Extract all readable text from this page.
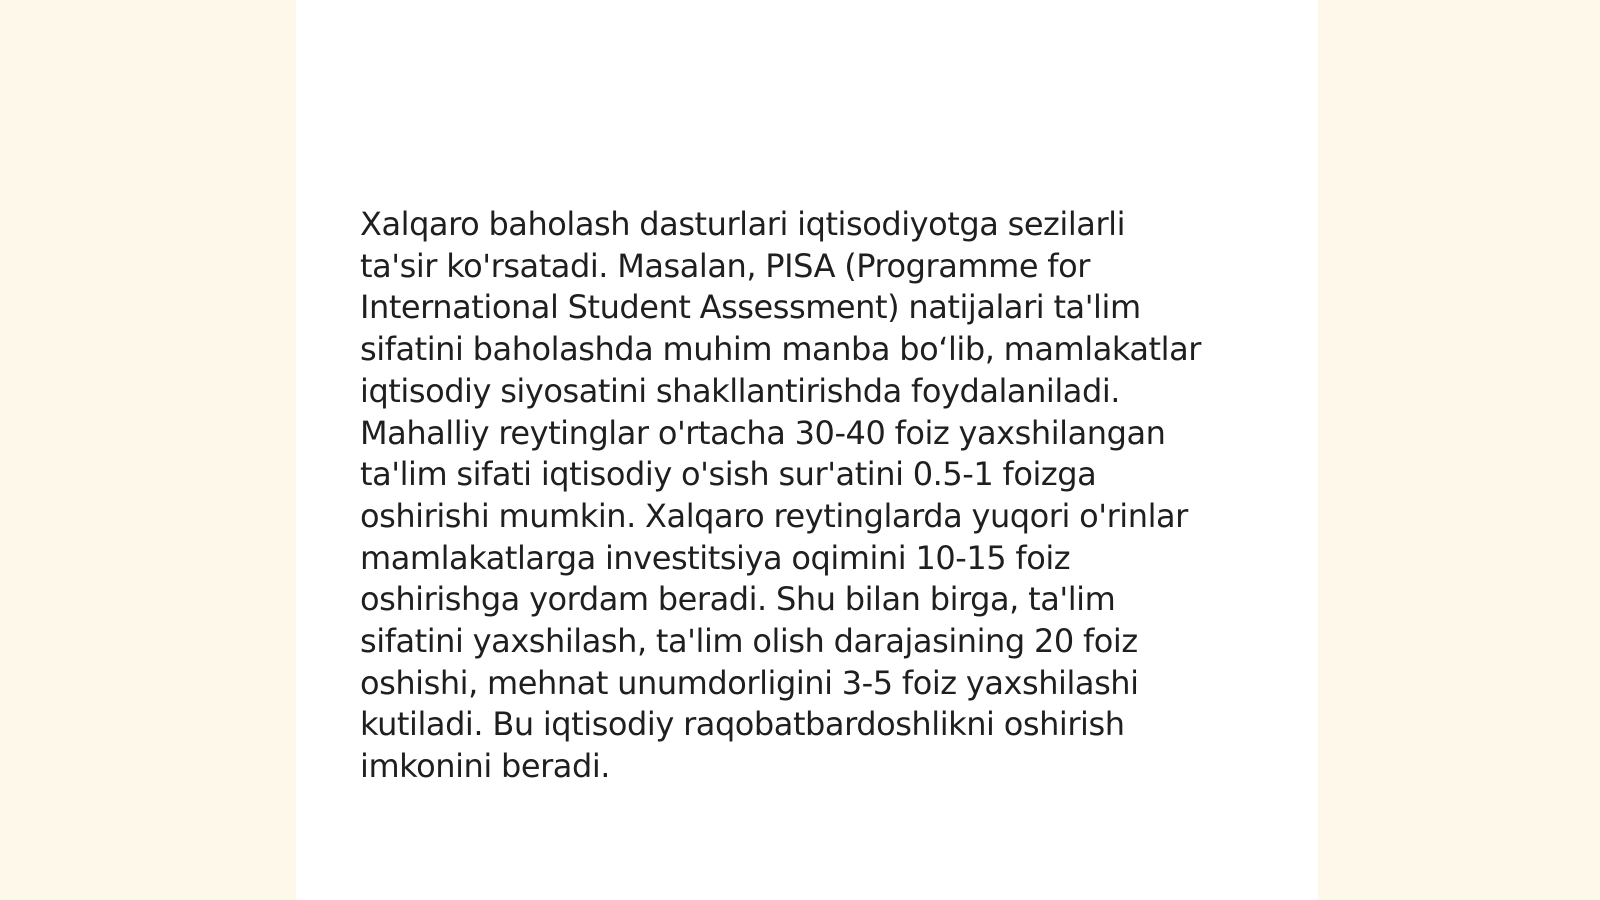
Xalqaro baholash dasturlari iqtisodiyotga sezilarli
ta'sir ko'rsatadi. Masalan, PISA (Programme for
International Student Assessment) natijalari ta'lim
sifatini baholashda muhim manba bo‘lib, mamlakatlar
iqtisodiy siyosatini shakllantirishda foydalaniladi.
Mahalliy reytinglar o'rtacha 30-40 foiz yaxshilangan
ta'lim sifati iqtisodiy o'sish sur'atini 0.5-1 foizga
oshirishi mumkin. Xalqaro reytinglarda yuqori o'rinlar
mamlakatlarga investitsiya oqimini 10-15 foiz
oshirishga yordam beradi. Shu bilan birga, ta'lim
sifatini yaxshilash, ta'lim olish darajasining 20 foiz
oshishi, mehnat unumdorligini 3-5 foiz yaxshilashi
kutiladi. Bu iqtisodiy raqobatbardoshlikni oshirish
imkonini beradi.
